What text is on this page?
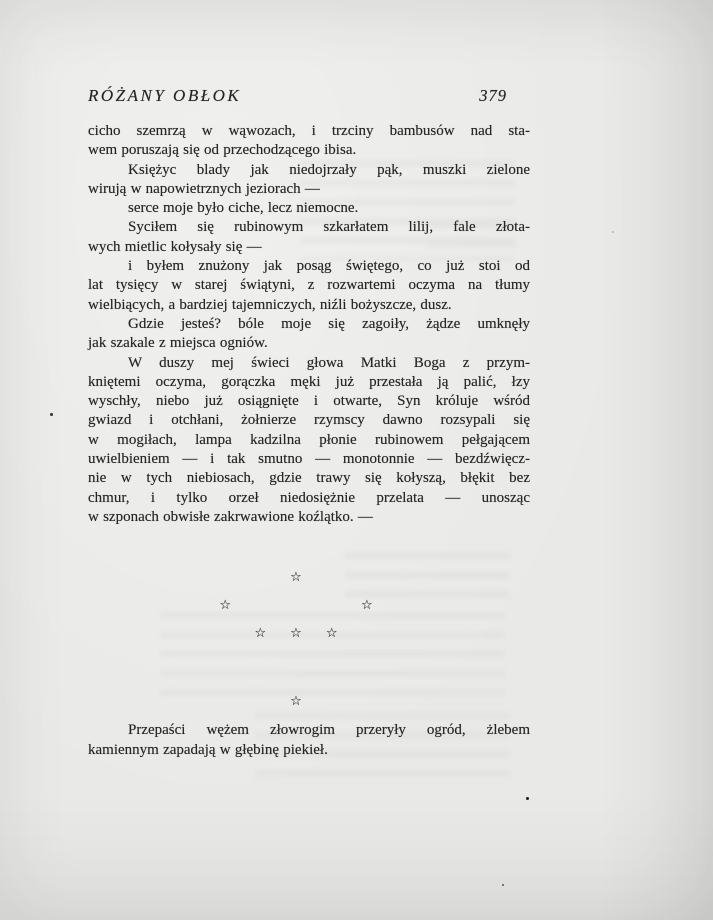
RÓŻANY OBŁOK	379

cicho szemrzą w wąwozach, i trzciny bambusów nad sta-
wem poruszają się od przechodzącego ibisa.

Księżyc blady jak niedojrzały pąk, muszki zielone
wirują w napowietrznych jeziorach —

serce moje było ciche, lecz niemocne.

Syciłem się rubinowym szkarłatem lilij, fale złota-
wych mietlic kołysały się —

i byłem znużony jak posąg świętego, co już stoi od
lat tysięcy w starej świątyni, z rozwartemi oczyma na tłumy
wielbiących, a bardziej tajemniczych, niźli bożyszcze, dusz.

Gdzie jesteś? bóle moje się zagoiły, żądze umknęły
jak szakale z miejsca ogniów.

W duszy mej świeci głowa Matki Boga z przym-
kniętemi oczyma, gorączka męki już przestała ją palić, łzy
wyschły, niebo już osiągnięte i otwarte, Syn króluje wśród
gwiazd i otchłani, żołnierze rzymscy dawno rozsypali się
w mogiłach, lampa kadzilna płonie rubinowem pełgającem
uwielbieniem — i tak smutno — monotonnie — bezdźwięcz-
nie w tych niebiosach, gdzie trawy się kołyszą, błękit bez
chmur, i tylko orzeł niedosiężnie przelata — unosząc
w szponach obwisłe zakrwawione koźlątko. —

☆
☆	☆
☆ ☆ ☆
☆

Przepaści wężem złowrogim przeryły ogród, żlebem
kamiennym zapadają w głębinę piekieł.
